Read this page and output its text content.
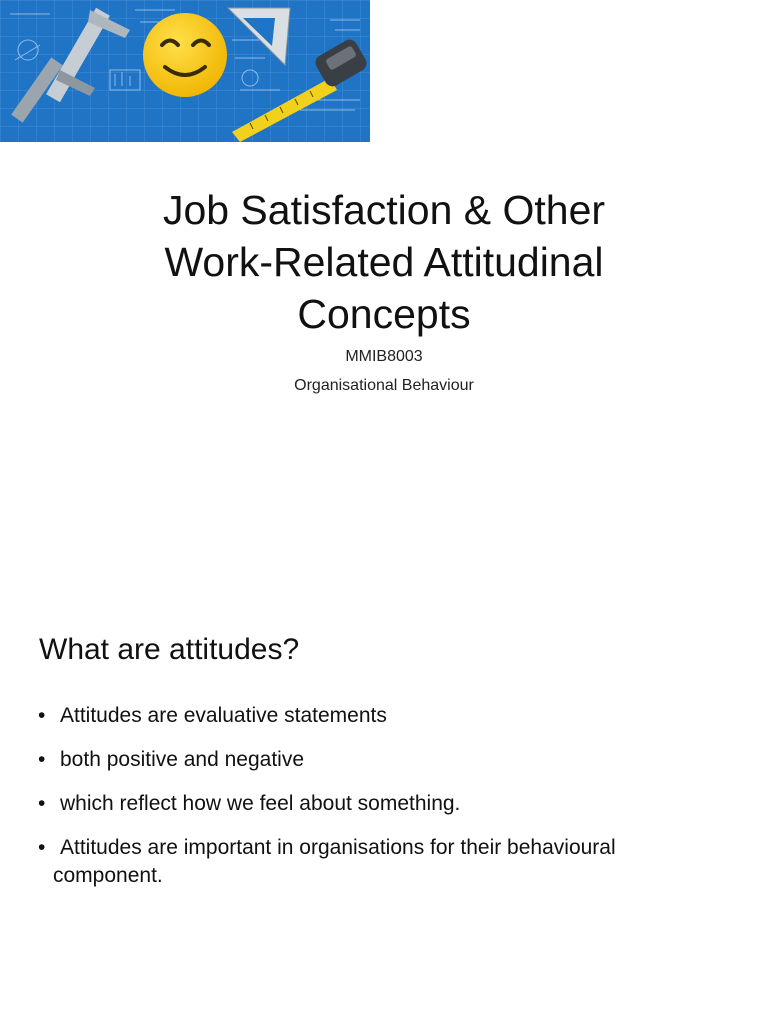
Job Satisfaction & Other
Work-Related Attitudinal
Concepts
MMIB8003
Organisational Behaviour
What are attitudes?
• Attitudes are evaluative statements
• both positive and negative
• which reflect how we feel about something.
• Attitudes are important in organisations for their behavioural component.
